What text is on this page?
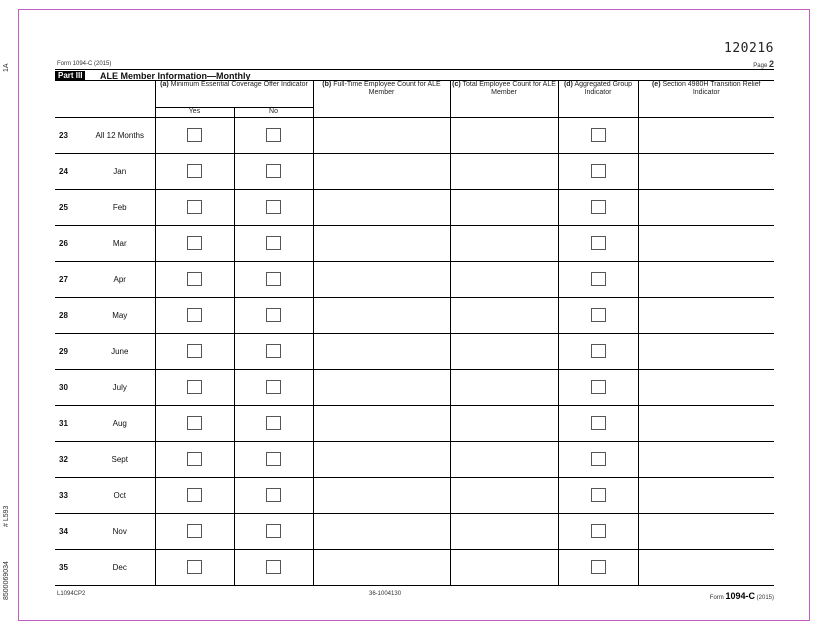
1A
# L593
8500069034
Form 1094-C (2015)
120216
Page 2
Part III	ALE Member Information—Monthly
		(a) Minimum Essential Coverage Offer Indicator		(b) Full-Time Employee Count for ALE Member	(c) Total Employee Count for ALE Member	(d) Aggregated Group Indicator	(e) Section 4980H Transition Relief Indicator
		Yes	No				
23	All 12 Months						
24	Jan						
25	Feb						
26	Mar						
27	Apr						
28	May						
29	June						
30	July						
31	Aug						
32	Sept						
33	Oct						
34	Nov						
35	Dec						
L1094CP2	36-1004130
Form 1094-C (2015)
